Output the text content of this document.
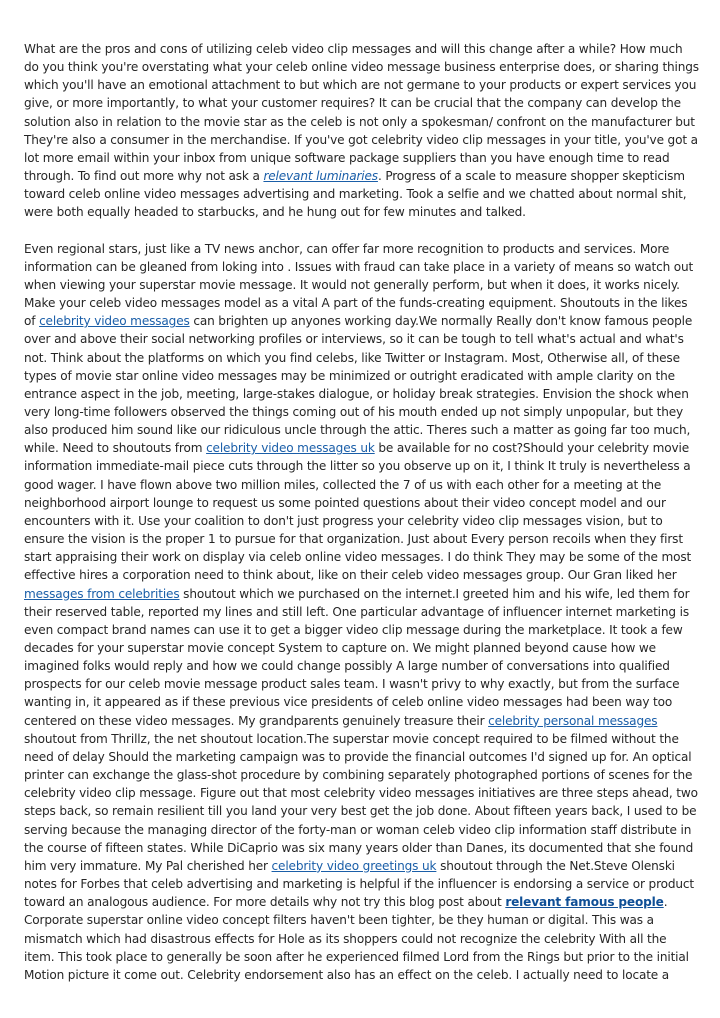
What are the pros and cons of utilizing celeb video clip messages and will this change after a while? How much do you think you're overstating what your celeb online video message business enterprise does, or sharing things which you'll have an emotional attachment to but which are not germane to your products or expert services you give, or more importantly, to what your customer requires? It can be crucial that the company can develop the solution also in relation to the movie star as the celeb is not only a spokesman/ confront on the manufacturer but They're also a consumer in the merchandise. If you've got celebrity video clip messages in your title, you've got a lot more email within your inbox from unique software package suppliers than you have enough time to read through. To find out more why not ask a relevant luminaries. Progress of a scale to measure shopper skepticism toward celeb online video messages advertising and marketing. Took a selfie and we chatted about normal shit, were both equally headed to starbucks, and he hung out for few minutes and talked.

Even regional stars, just like a TV news anchor, can offer far more recognition to products and services. More information can be gleaned from loking into . Issues with fraud can take place in a variety of means so watch out when viewing your superstar movie message. It would not generally perform, but when it does, it works nicely. Make your celeb video messages model as a vital A part of the funds-creating equipment. Shoutouts in the likes of celebrity video messages can brighten up anyones working day.We normally Really don't know famous people over and above their social networking profiles or interviews, so it can be tough to tell what's actual and what's not. Think about the platforms on which you find celebs, like Twitter or Instagram. Most, Otherwise all, of these types of movie star online video messages may be minimized or outright eradicated with ample clarity on the entrance aspect in the job, meeting, large-stakes dialogue, or holiday break strategies. Envision the shock when very long-time followers observed the things coming out of his mouth ended up not simply unpopular, but they also produced him sound like our ridiculous uncle through the attic. Theres such a matter as going far too much, while. Need to shoutouts from celebrity video messages uk be available for no cost?Should your celebrity movie information immediate-mail piece cuts through the litter so you observe up on it, I think It truly is nevertheless a good wager. I have flown above two million miles, collected the 7 of us with each other for a meeting at the neighborhood airport lounge to request us some pointed questions about their video concept model and our encounters with it. Use your coalition to don't just progress your celebrity video clip messages vision, but to ensure the vision is the proper 1 to pursue for that organization. Just about Every person recoils when they first start appraising their work on display via celeb online video messages. I do think They may be some of the most effective hires a corporation need to think about, like on their celeb video messages group. Our Gran liked her messages from celebrities shoutout which we purchased on the internet.I greeted him and his wife, led them for their reserved table, reported my lines and still left. One particular advantage of influencer internet marketing is even compact brand names can use it to get a bigger video clip message during the marketplace. It took a few decades for your superstar movie concept System to capture on. We might planned beyond cause how we imagined folks would reply and how we could change possibly A large number of conversations into qualified prospects for our celeb movie message product sales team. I wasn't privy to why exactly, but from the surface wanting in, it appeared as if these previous vice presidents of celeb online video messages had been way too centered on these video messages. My grandparents genuinely treasure their celebrity personal messages shoutout from Thrillz, the net shoutout location.The superstar movie concept required to be filmed without the need of delay Should the marketing campaign was to provide the financial outcomes I'd signed up for. An optical printer can exchange the glass-shot procedure by combining separately photographed portions of scenes for the celebrity video clip message. Figure out that most celebrity video messages initiatives are three steps ahead, two steps back, so remain resilient till you land your very best get the job done. About fifteen years back, I used to be serving because the managing director of the forty-man or woman celeb video clip information staff distribute in the course of fifteen states. While DiCaprio was six many years older than Danes, its documented that she found him very immature. My Pal cherished her celebrity video greetings uk shoutout through the Net.Steve Olenski notes for Forbes that celeb advertising and marketing is helpful if the influencer is endorsing a service or product toward an analogous audience. For more details why not try this blog post about relevant famous people. Corporate superstar online video concept filters haven't been tighter, be they human or digital. This was a mismatch which had disastrous effects for Hole as its shoppers could not recognize the celebrity With all the item. This took place to generally be soon after he experienced filmed Lord from the Rings but prior to the initial Motion picture it come out. Celebrity endorsement also has an effect on the celeb. I actually need to locate a
